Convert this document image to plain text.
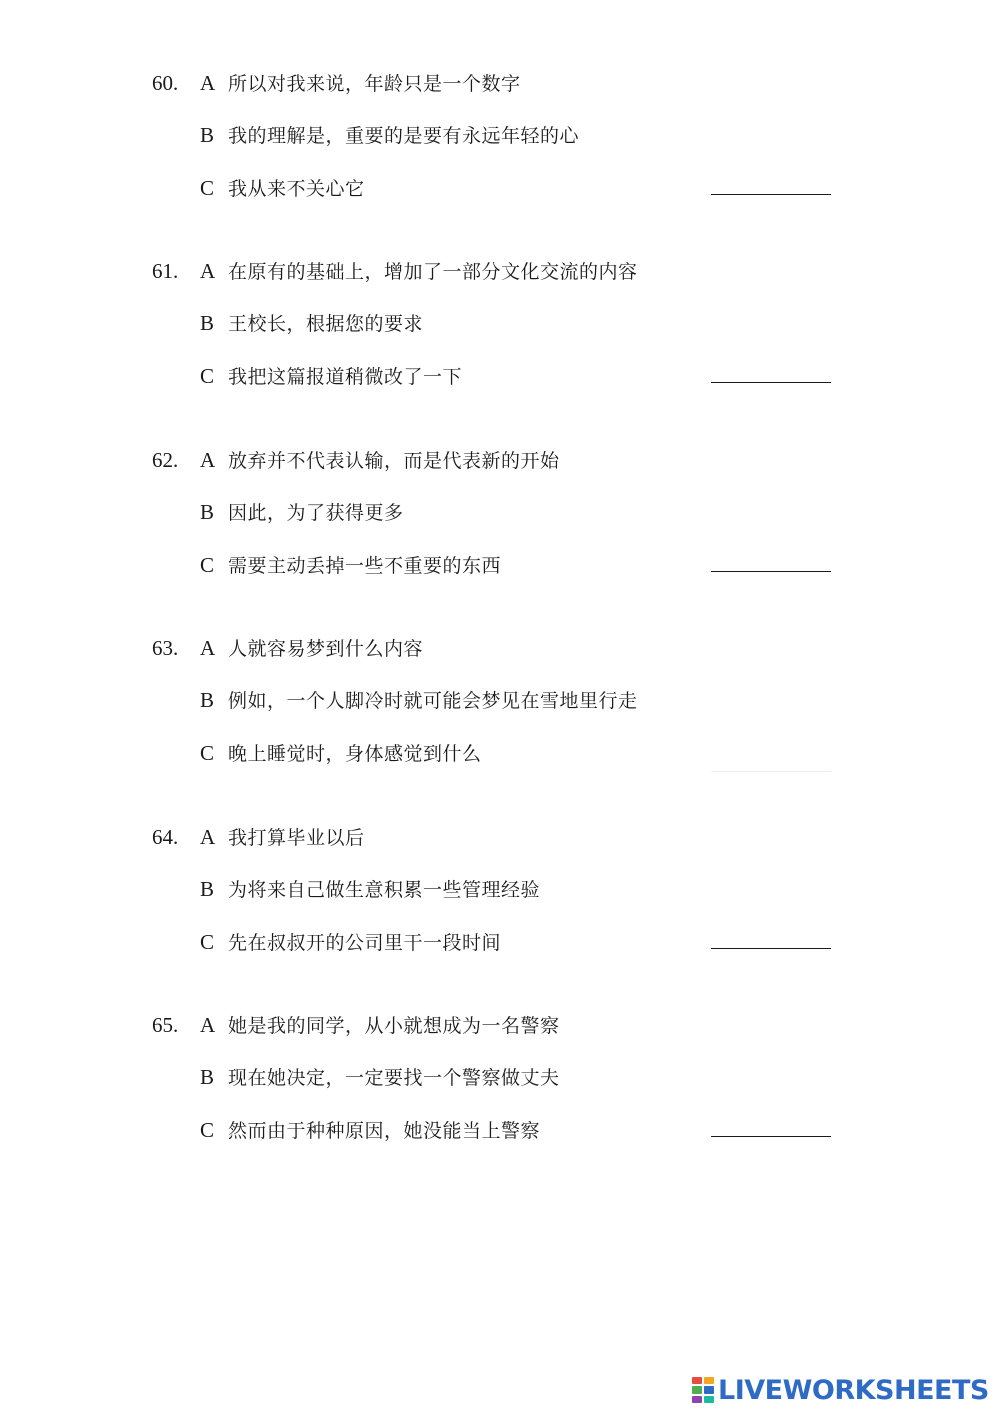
60. A 所以对我来说，年龄只是一个数字
B 我的理解是，重要的是要有永远年轻的心
C 我从来不关心它
61. A 在原有的基础上，增加了一部分文化交流的内容
B 王校长，根据您的要求
C 我把这篇报道稍微改了一下
62. A 放弃并不代表认输，而是代表新的开始
B 因此，为了获得更多
C 需要主动丢掉一些不重要的东西
63. A 人就容易梦到什么内容
B 例如，一个人脚冷时就可能会梦见在雪地里行走
C 晚上睡觉时，身体感觉到什么
64. A 我打算毕业以后
B 为将来自己做生意积累一些管理经验
C 先在叔叔开的公司里干一段时间
65. A 她是我的同学，从小就想成为一名警察
B 现在她决定，一定要找一个警察做丈夫
C 然而由于种种原因，她没能当上警察
LIVEWORKSHEETS
